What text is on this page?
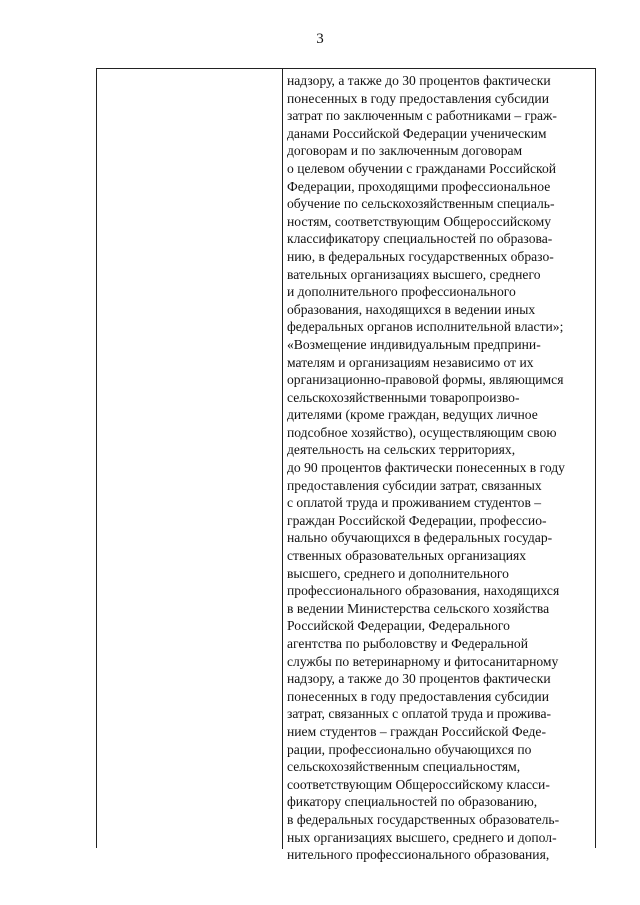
3
надзору, а также до 30 процентов фактически
понесенных в году предоставления субсидии
затрат по заключенным с работниками – граж-
данами Российской Федерации ученическим
договорам и по заключенным договорам
о целевом обучении с гражданами Российской
Федерации, проходящими профессиональное
обучение по сельскохозяйственным специаль-
ностям, соответствующим Общероссийскому
классификатору специальностей по образова-
нию, в федеральных государственных образо-
вательных организациях высшего, среднего
и дополнительного профессионального
образования, находящихся в ведении иных
федеральных органов исполнительной власти»;
«Возмещение индивидуальным предприни-
мателям и организациям независимо от их
организационно-правовой формы, являющимся
сельскохозяйственными товаропроизво-
дителями (кроме граждан, ведущих личное
подсобное хозяйство), осуществляющим свою
деятельность на сельских территориях,
до 90 процентов фактически понесенных в году
предоставления субсидии затрат, связанных
с оплатой труда и проживанием студентов –
граждан Российской Федерации, профессио-
нально обучающихся в федеральных государ-
ственных образовательных организациях
высшего, среднего и дополнительного
профессионального образования, находящихся
в ведении Министерства сельского хозяйства
Российской Федерации, Федерального
агентства по рыболовству и Федеральной
службы по ветеринарному и фитосанитарному
надзору, а также до 30 процентов фактически
понесенных в году предоставления субсидии
затрат, связанных с оплатой труда и прожива-
нием студентов – граждан Российской Феде-
рации, профессионально обучающихся по
сельскохозяйственным специальностям,
соответствующим Общероссийскому класси-
фикатору специальностей по образованию,
в федеральных государственных образователь-
ных организациях высшего, среднего и допол-
нительного профессионального образования,
